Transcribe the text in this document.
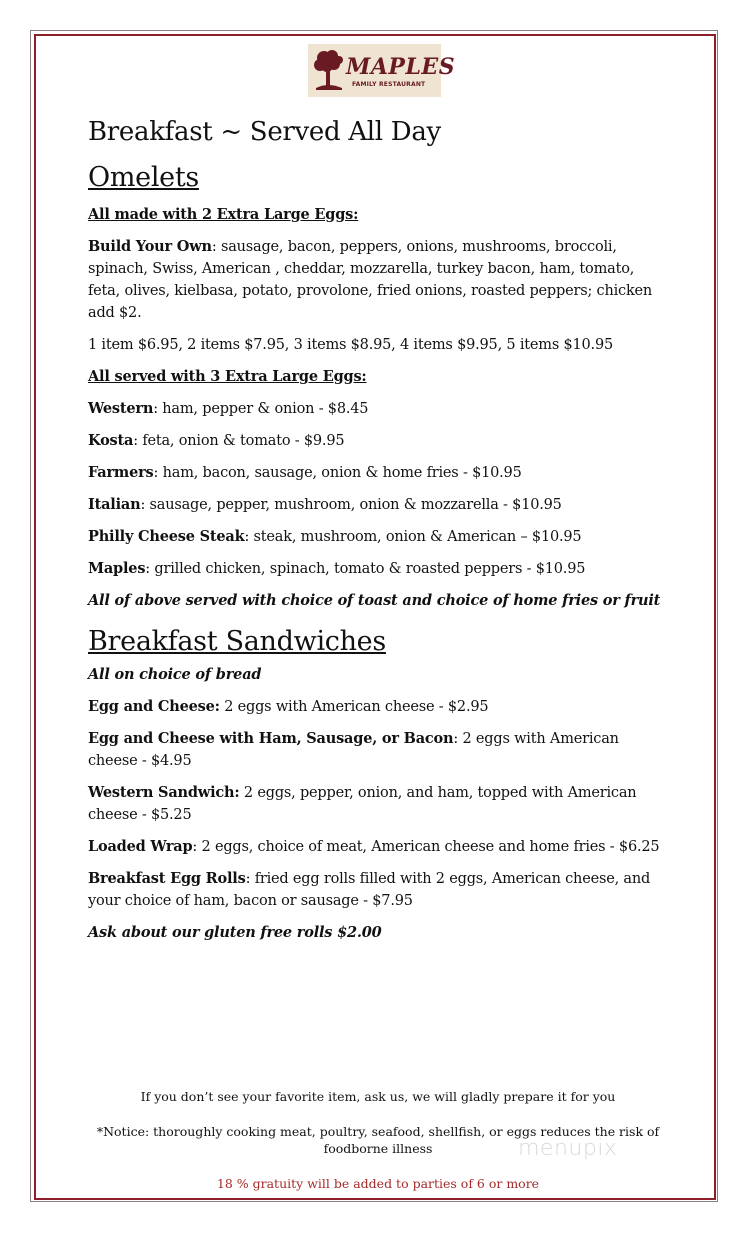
MAPLES
FAMILY RESTAURANT
Breakfast ~ Served All Day
Omelets

All made with 2 Extra Large Eggs:

Build Your Own: sausage, bacon, peppers, onions, mushrooms, broccoli, spinach, Swiss, American , cheddar, mozzarella, turkey bacon, ham, tomato, feta, olives, kielbasa, potato, provolone, fried onions, roasted peppers; chicken add $2.

1 item $6.95, 2 items $7.95, 3 items $8.95, 4 items $9.95, 5 items $10.95

All served with 3 Extra Large Eggs:

Western: ham, pepper & onion - $8.45

Kosta: feta, onion & tomato - $9.95

Farmers: ham, bacon, sausage, onion & home fries - $10.95

Italian: sausage, pepper, mushroom, onion & mozzarella - $10.95

Philly Cheese Steak: steak, mushroom, onion & American – $10.95

Maples: grilled chicken, spinach, tomato & roasted peppers - $10.95

All of above served with choice of toast and choice of home fries or fruit

Breakfast Sandwiches

All on choice of bread

Egg and Cheese: 2 eggs with American cheese - $2.95

Egg and Cheese with Ham, Sausage, or Bacon: 2 eggs with American cheese - $4.95

Western Sandwich: 2 eggs, pepper, onion, and ham, topped with American cheese - $5.25

Loaded Wrap: 2 eggs, choice of meat, American cheese and home fries - $6.25

Breakfast Egg Rolls: fried egg rolls filled with 2 eggs, American cheese, and your choice of ham, bacon or sausage - $7.95

Ask about our gluten free rolls $2.00

If you don’t see your favorite item, ask us, we will gladly prepare it for you
*Notice: thoroughly cooking meat, poultry, seafood, shellfish, or eggs reduces the risk of foodborne illness
18 % gratuity will be added to parties of 6 or more
menupix
